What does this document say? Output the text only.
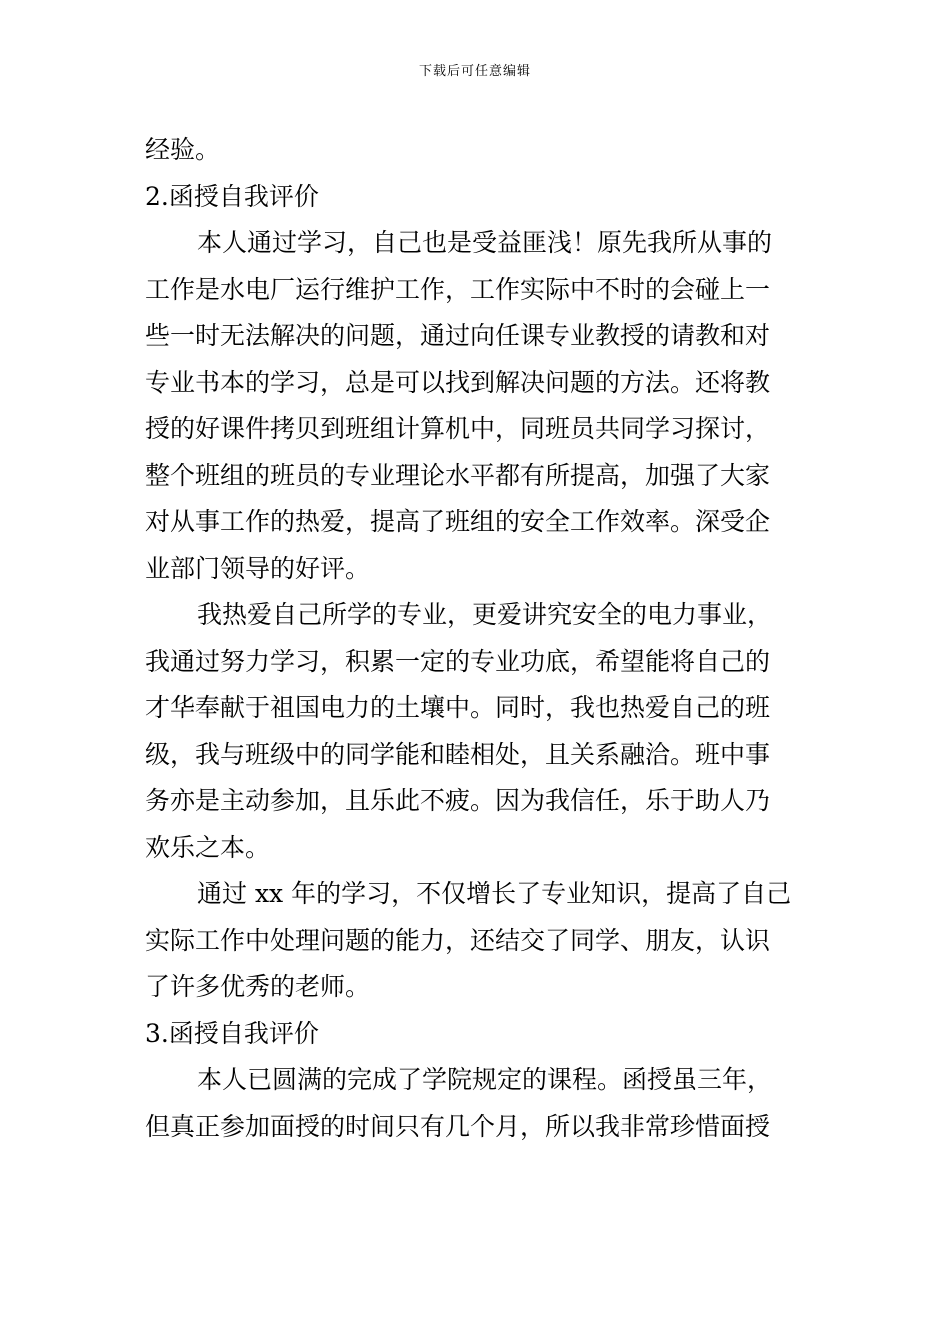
下载后可任意编辑
经验。
2.函授自我评价
本人通过学习，自己也是受益匪浅！原先我所从事的
工作是水电厂运行维护工作，工作实际中不时的会碰上一
些一时无法解决的问题，通过向任课专业教授的请教和对
专业书本的学习，总是可以找到解决问题的方法。还将教
授的好课件拷贝到班组计算机中，同班员共同学习探讨，
整个班组的班员的专业理论水平都有所提高，加强了大家
对从事工作的热爱，提高了班组的安全工作效率。深受企
业部门领导的好评。
我热爱自己所学的专业，更爱讲究安全的电力事业，
我通过努力学习，积累一定的专业功底，希望能将自己的
才华奉献于祖国电力的土壤中。同时，我也热爱自己的班
级，我与班级中的同学能和睦相处，且关系融洽。班中事
务亦是主动参加，且乐此不疲。因为我信任，乐于助人乃
欢乐之本。
通过 xx 年的学习，不仅增长了专业知识，提高了自己
实际工作中处理问题的能力，还结交了同学、朋友，认识
了许多优秀的老师。
3.函授自我评价
本人已圆满的完成了学院规定的课程。函授虽三年，
但真正参加面授的时间只有几个月，所以我非常珍惜面授
